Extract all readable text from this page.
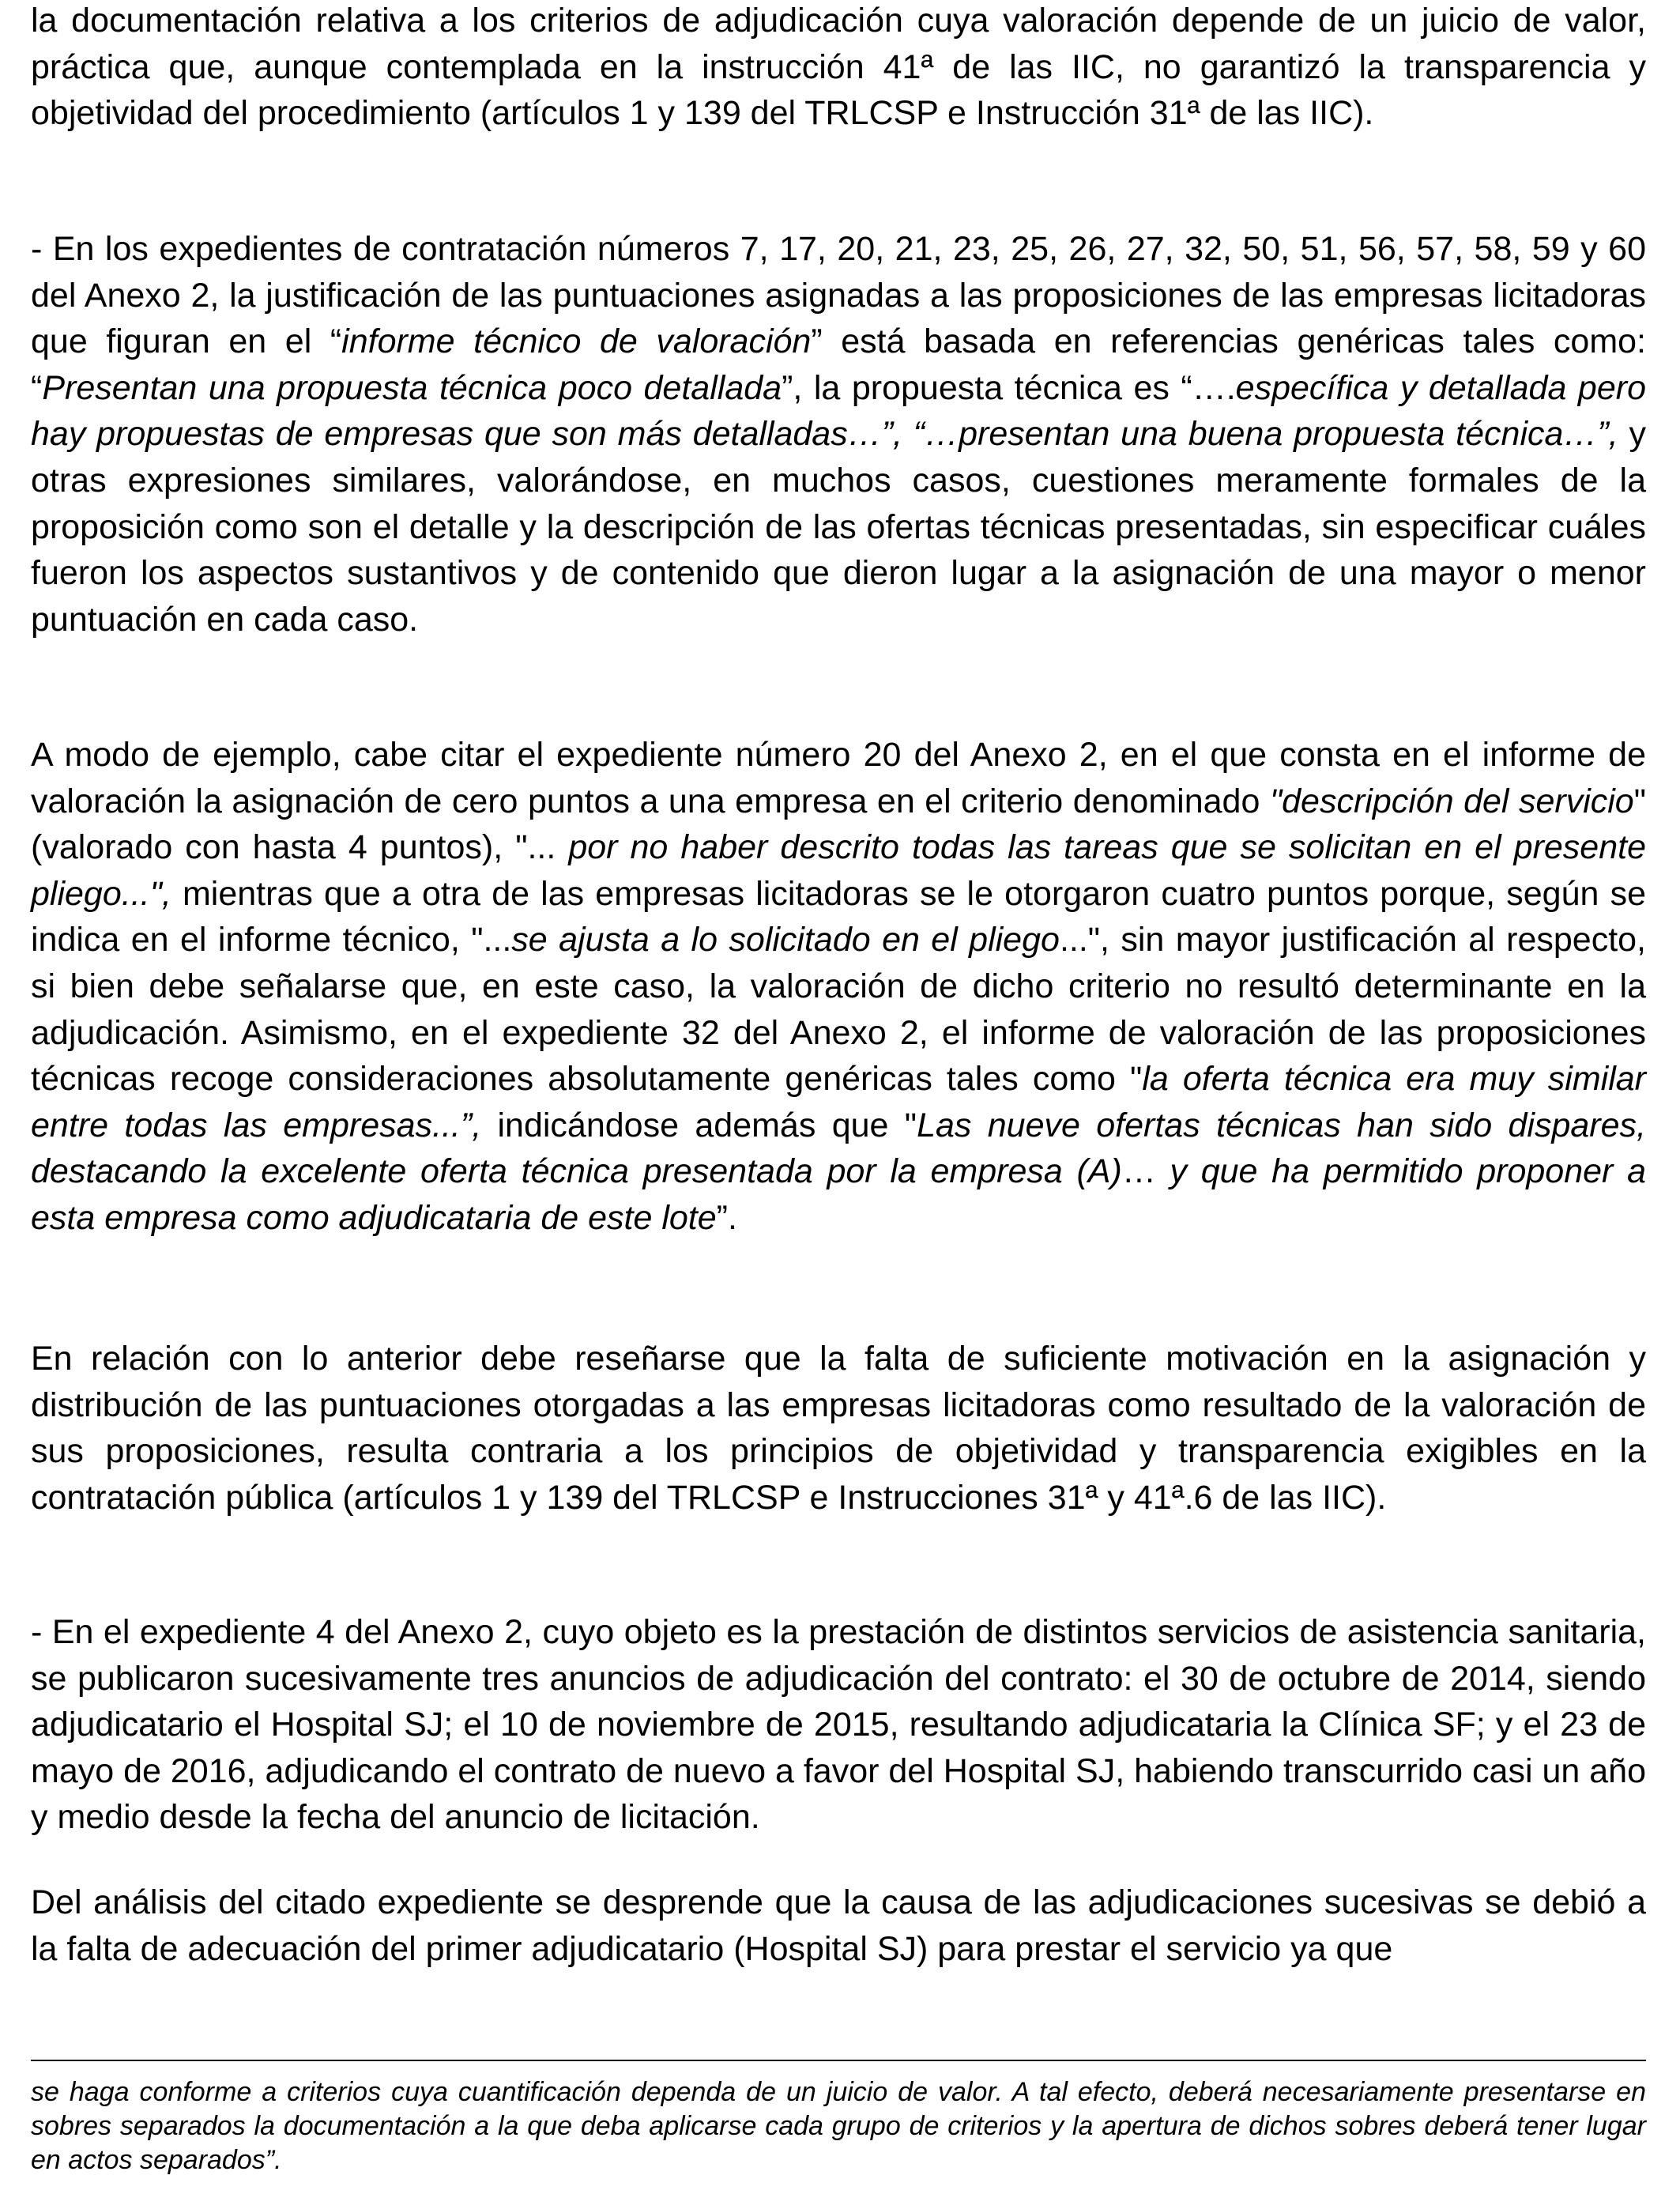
la documentación relativa a los criterios de adjudicación cuya valoración depende de un juicio de valor, práctica que, aunque contemplada en la instrucción 41ª de las IIC, no garantizó la transparencia y objetividad del procedimiento (artículos 1 y 139 del TRLCSP e Instrucción 31ª de las IIC).

- En los expedientes de contratación números 7, 17, 20, 21, 23, 25, 26, 27, 32, 50, 51, 56, 57, 58, 59 y 60 del Anexo 2, la justificación de las puntuaciones asignadas a las proposiciones de las empresas licitadoras que figuran en el “informe técnico de valoración” está basada en referencias genéricas tales como: “Presentan una propuesta técnica poco detallada”, la propuesta técnica es “….específica y detallada pero hay propuestas de empresas que son más detalladas…”, “…presentan una buena propuesta técnica…”, y otras expresiones similares, valorándose, en muchos casos, cuestiones meramente formales de la proposición como son el detalle y la descripción de las ofertas técnicas presentadas, sin especificar cuáles fueron los aspectos sustantivos y de contenido que dieron lugar a la asignación de una mayor o menor puntuación en cada caso.

A modo de ejemplo, cabe citar el expediente número 20 del Anexo 2, en el que consta en el informe de valoración la asignación de cero puntos a una empresa en el criterio denominado "descripción del servicio" (valorado con hasta 4 puntos), "... por no haber descrito todas las tareas que se solicitan en el presente pliego...", mientras que a otra de las empresas licitadoras se le otorgaron cuatro puntos porque, según se indica en el informe técnico, "...se ajusta a lo solicitado en el pliego...", sin mayor justificación al respecto, si bien debe señalarse que, en este caso, la valoración de dicho criterio no resultó determinante en la adjudicación. Asimismo, en el expediente 32 del Anexo 2, el informe de valoración de las proposiciones técnicas recoge consideraciones absolutamente genéricas tales como "la oferta técnica era muy similar entre todas las empresas...”, indicándose además que "Las nueve ofertas técnicas han sido dispares, destacando la excelente oferta técnica presentada por la empresa (A)… y que ha permitido proponer a esta empresa como adjudicataria de este lote”.

En relación con lo anterior debe reseñarse que la falta de suficiente motivación en la asignación y distribución de las puntuaciones otorgadas a las empresas licitadoras como resultado de la valoración de sus proposiciones, resulta contraria a los principios de objetividad y transparencia exigibles en la contratación pública (artículos 1 y 139 del TRLCSP e Instrucciones 31ª y 41ª.6 de las IIC).

- En el expediente 4 del Anexo 2, cuyo objeto es la prestación de distintos servicios de asistencia sanitaria, se publicaron sucesivamente tres anuncios de adjudicación del contrato: el 30 de octubre de 2014, siendo adjudicatario el Hospital SJ; el 10 de noviembre de 2015, resultando adjudicataria la Clínica SF; y el 23 de mayo de 2016, adjudicando el contrato de nuevo a favor del Hospital SJ, habiendo transcurrido casi un año y medio desde la fecha del anuncio de licitación.

Del análisis del citado expediente se desprende que la causa de las adjudicaciones sucesivas se debió a la falta de adecuación del primer adjudicatario (Hospital SJ) para prestar el servicio ya que

se haga conforme a criterios cuya cuantificación dependa de un juicio de valor. A tal efecto, deberá necesariamente presentarse en sobres separados la documentación a la que deba aplicarse cada grupo de criterios y la apertura de dichos sobres deberá tener lugar en actos separados”.
